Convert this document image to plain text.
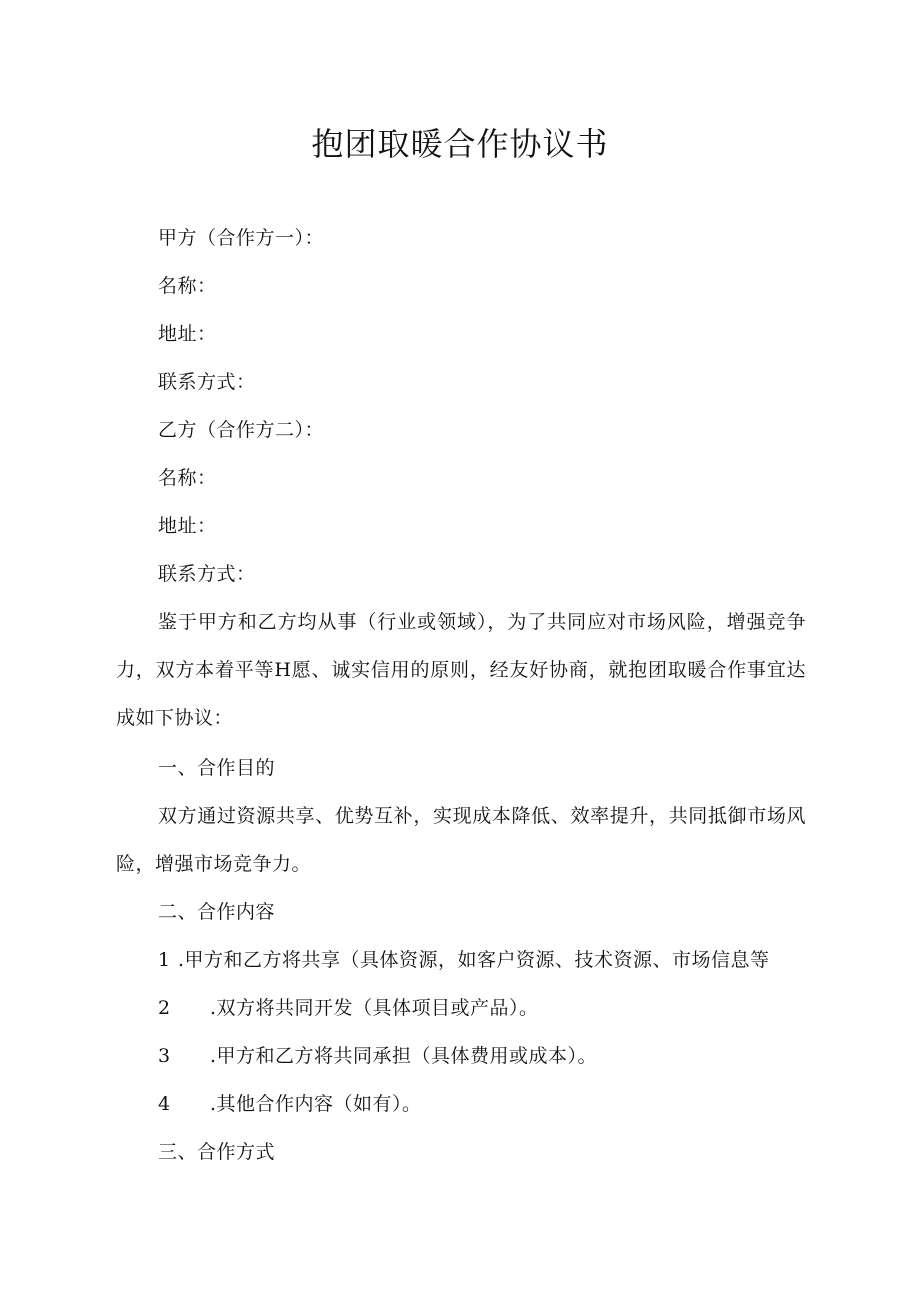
抱团取暖合作协议书
甲方（合作方一）：
名称：
地址：
联系方式：
乙方（合作方二）：
名称：
地址：
联系方式：
鉴于甲方和乙方均从事（行业或领域），为了共同应对市场风险，增强竞争力，双方本着平等H愿、诚实信用的原则，经友好协商，就抱团取暖合作事宜达成如下协议：
一、合作目的
双方通过资源共享、优势互补，实现成本降低、效率提升，共同抵御市场风险，增强市场竞争力。
二、合作内容
1 .甲方和乙方将共享（具体资源，如客户资源、技术资源、市场信息等
2 .双方将共同开发（具体项目或产品）。
3 .甲方和乙方将共同承担（具体费用或成本）。
4 .其他合作内容（如有）。
三、合作方式
